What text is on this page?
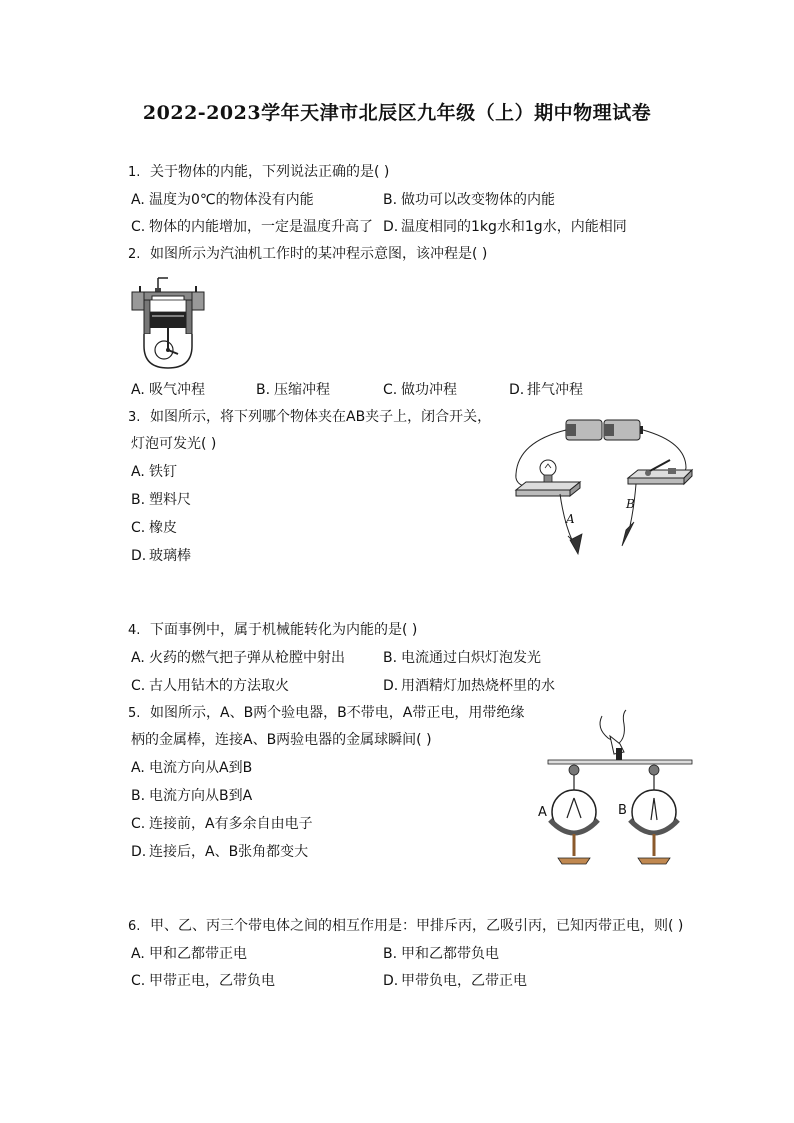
2022-2023学年天津市北辰区九年级（上）期中物理试卷
1. 关于物体的内能，下列说法正确的是( )
A. 温度为0℃的物体没有内能	B. 做功可以改变物体的内能
C. 物体的内能增加，一定是温度升高了 D. 温度相同的1kg水和1g水，内能相同
2. 如图所示为汽油机工作时的某冲程示意图，该冲程是( )
A. 吸气冲程	B. 压缩冲程	C. 做功冲程	D. 排气冲程
3. 如图所示，将下列哪个物体夹在AB夹子上，闭合开关，
灯泡可发光( )
A. 铁钉
B. 塑料尺
C. 橡皮
D. 玻璃棒
A
B
4. 下面事例中，属于机械能转化为内能的是( )
A. 火药的燃气把子弹从枪膛中射出	B. 电流通过白炽灯泡发光
C. 古人用钻木的方法取火	D. 用酒精灯加热烧杯里的水
5. 如图所示，A、B两个验电器，B不带电，A带正电，用带绝缘
柄的金属棒，连接A、B两验电器的金属球瞬间( )
A. 电流方向从A到B
B. 电流方向从B到A
C. 连接前，A有多余自由电子
D. 连接后，A、B张角都变大
A	B
6. 甲、乙、丙三个带电体之间的相互作用是：甲排斥丙，乙吸引丙，已知丙带正电，则( )
A. 甲和乙都带正电	B. 甲和乙都带负电
C. 甲带正电，乙带负电	D. 甲带负电，乙带正电
